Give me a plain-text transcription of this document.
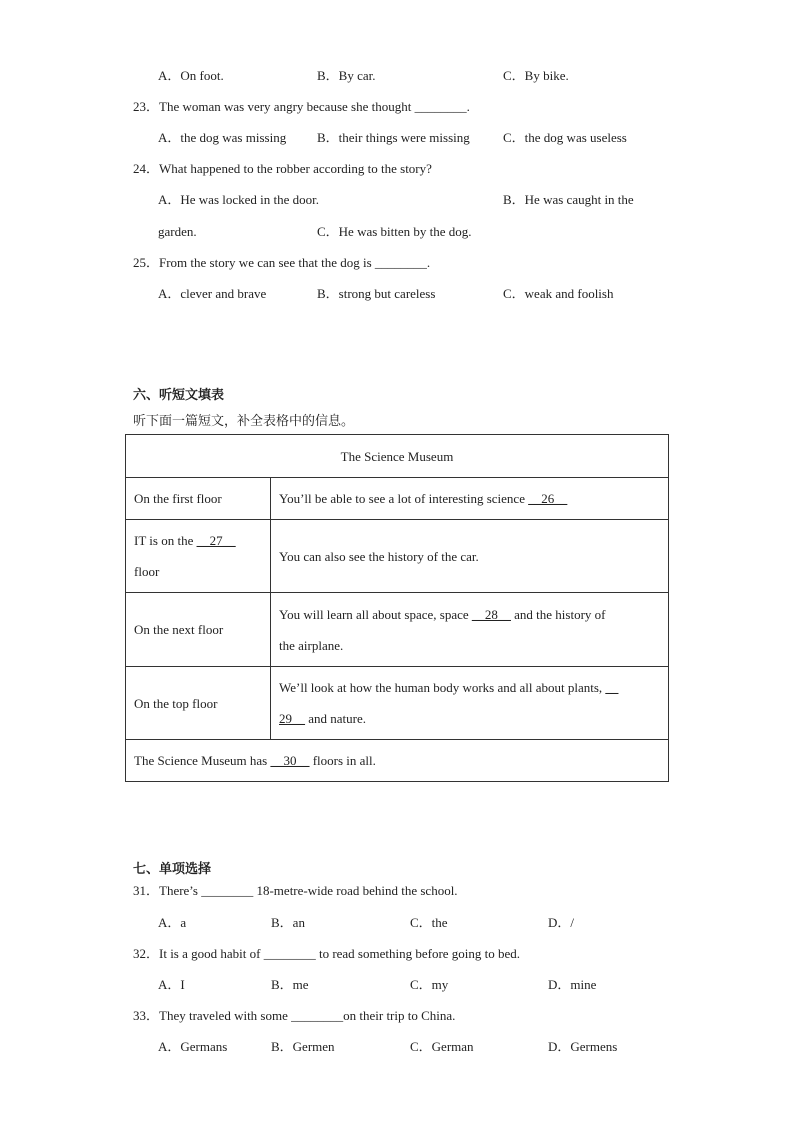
A．On foot.	B．By car.	C．By bike.
23．The woman was very angry because she thought ________.
A．the dog was missing B．their things were missing	C．the dog was useless
24．What happened to the robber according to the story?
A．He was locked in the door.	B．He was caught in the
garden.	C．He was bitten by the dog.
25．From the story we can see that the dog is ________.
A．clever and brave	B．strong but careless	C．weak and foolish
六、听短文填表
听下面一篇短文，补全表格中的信息。
The Science Museum	
On the first floor	You’ll be able to see a lot of interesting science __26__
IT is on the __27__
floor	You can also see the history of the car.
On the next floor	You will learn all about space, space __28__ and the history of
the airplane.
On the top floor	We’ll look at how the human body works and all about plants, __
29__ and nature.
The Science Museum has __30__ floors in all.	
七、单项选择
31．There’s ________ 18-metre-wide road behind the school.
A．a	B．an	C．the	D．/
32．It is a good habit of ________ to read something before going to bed.
A．I	B．me	C．my	D．mine
33．They traveled with some ________on their trip to China.
A．Germans	B．Germen	C．German	D．Germens
